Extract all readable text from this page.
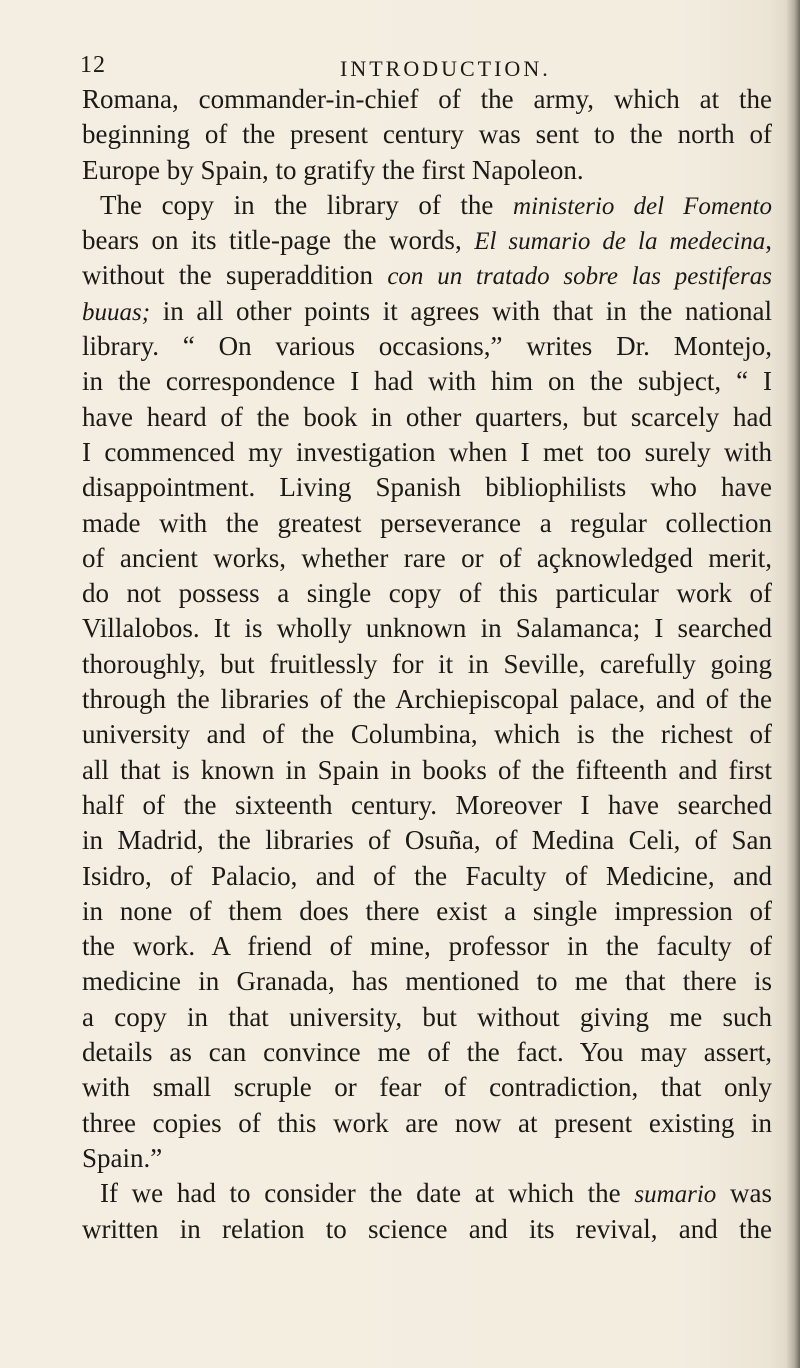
12	INTRODUCTION.
Romana, commander-in-chief of the army, which at the
beginning of the present century was sent to the north of
Europe by Spain, to gratify the first Napoleon.
The copy in the library of the ministerio del Fomento
bears on its title-page the words, El sumario de la medecina,
without the superaddition con un tratado sobre las pestiferas
buuas; in all other points it agrees with that in the national
library. “ On various occasions,” writes Dr. Montejo,
in the correspondence I had with him on the subject, “ I
have heard of the book in other quarters, but scarcely had
I commenced my investigation when I met too surely with
disappointment. Living Spanish bibliophilists who have
made with the greatest perseverance a regular collection
of ancient works, whether rare or of açknowledged merit,
do not possess a single copy of this particular work of
Villalobos. It is wholly unknown in Salamanca; I searched
thoroughly, but fruitlessly for it in Seville, carefully going
through the libraries of the Archiepiscopal palace, and of the
university and of the Columbina, which is the richest of
all that is known in Spain in books of the fifteenth and first
half of the sixteenth century. Moreover I have searched
in Madrid, the libraries of Osuña, of Medina Celi, of San
Isidro, of Palacio, and of the Faculty of Medicine, and
in none of them does there exist a single impression of
the work. A friend of mine, professor in the faculty of
medicine in Granada, has mentioned to me that there is
a copy in that university, but without giving me such
details as can convince me of the fact. You may assert,
with small scruple or fear of contradiction, that only
three copies of this work are now at present existing in
Spain.”
If we had to consider the date at which the sumario was
written in relation to science and its revival, and the
